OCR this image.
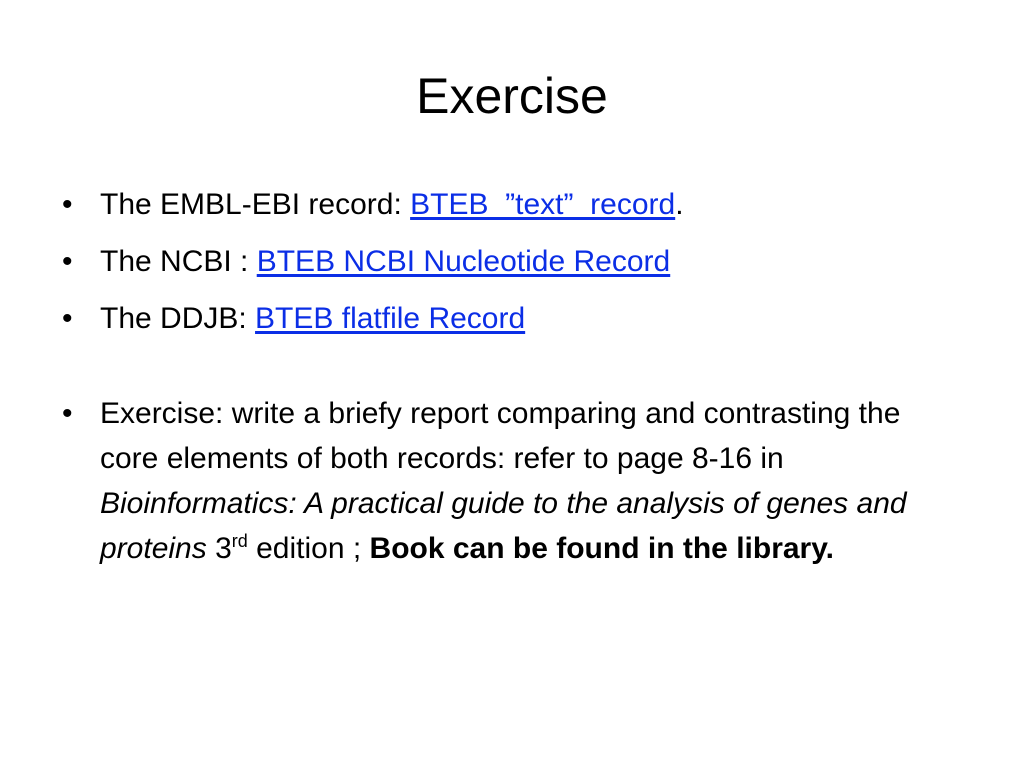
Exercise
• The EMBL-EBI record: BTEB_”text”_record.
• The NCBI : BTEB NCBI Nucleotide Record
• The DDJB: BTEB flatfile Record
• Exercise: write a briefy report comparing and contrasting the core elements of both records: refer to page 8-16 in Bioinformatics: A practical guide to the analysis of genes and proteins 3rd edition ; Book can be found in the library.
